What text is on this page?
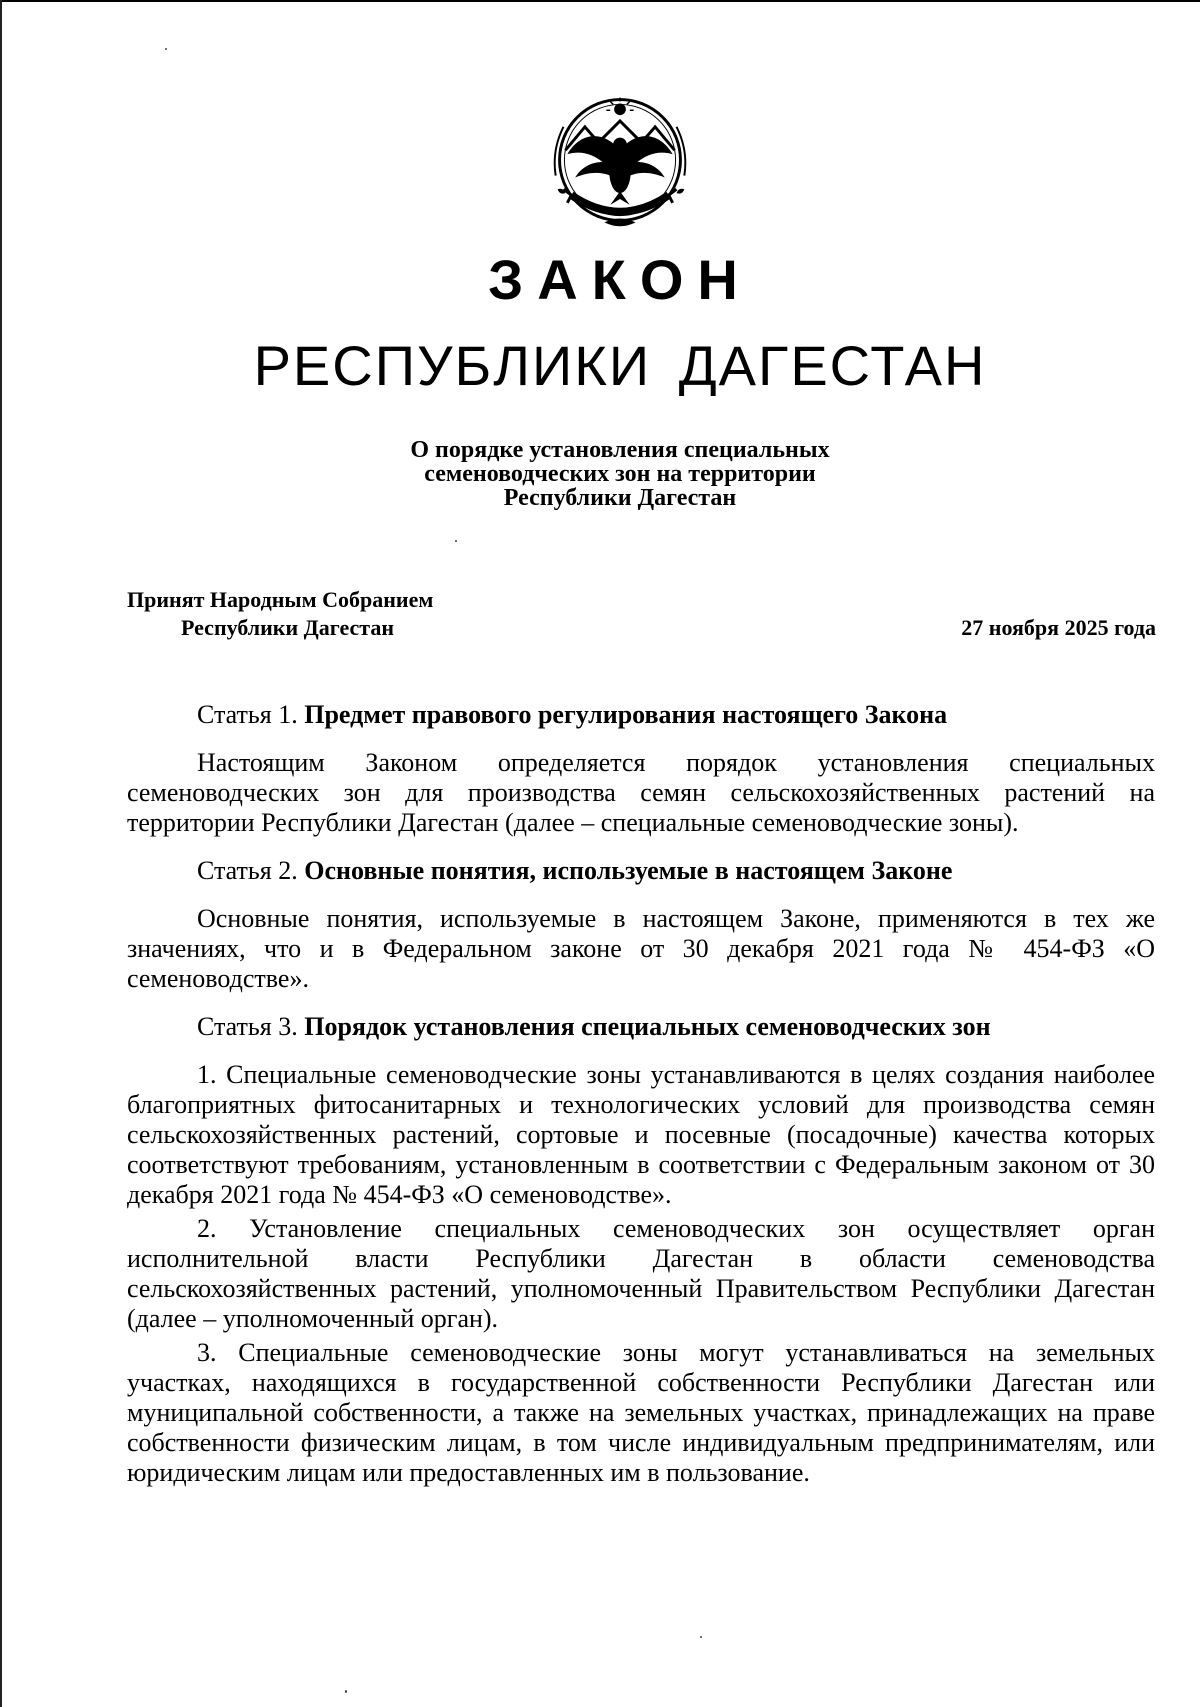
ЗАКОН
РЕСПУБЛИКИ ДАГЕСТАН
О порядке установления специальных
семеноводческих зон на территории
Республики Дагестан
Принят Народным Собранием
Республики Дагестан	27 ноября 2025 года
Статья 1. Предмет правового регулирования настоящего Закона

Настоящим Законом определяется порядок установления специальных семеноводческих зон для производства семян сельскохозяйственных растений на территории Республики Дагестан (далее – специальные семеноводческие зоны).

Статья 2. Основные понятия, используемые в настоящем Законе

Основные понятия, используемые в настоящем Законе, применяются в тех же значениях, что и в Федеральном законе от 30 декабря 2021 года № 454-ФЗ «О семеноводстве».

Статья 3. Порядок установления специальных семеноводческих зон

1. Специальные семеноводческие зоны устанавливаются в целях создания наиболее благоприятных фитосанитарных и технологических условий для производства семян сельскохозяйственных растений, сортовые и посевные (посадочные) качества которых соответствуют требованиям, установленным в соответствии с Федеральным законом от 30 декабря 2021 года № 454-ФЗ «О семеноводстве».

2. Установление специальных семеноводческих зон осуществляет орган исполнительной власти Республики Дагестан в области семеноводства сельскохозяйственных растений, уполномоченный Правительством Республики Дагестан (далее – уполномоченный орган).

3. Специальные семеноводческие зоны могут устанавливаться на земельных участках, находящихся в государственной собственности Республики Дагестан или муниципальной собственности, а также на земельных участках, принадлежащих на праве собственности физическим лицам, в том числе индивидуальным предпринимателям, или юридическим лицам или предоставленных им в пользование.
